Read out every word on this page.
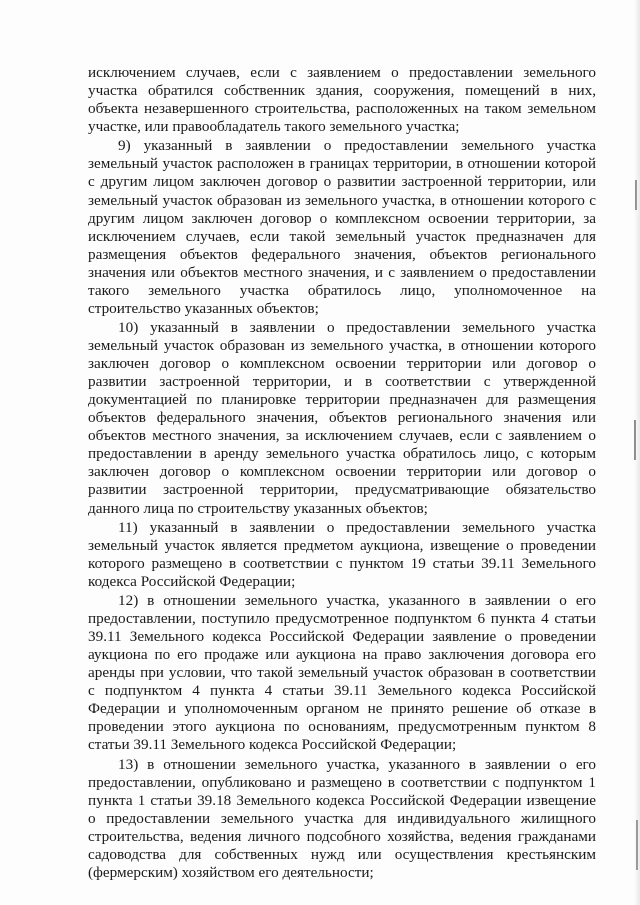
исключением случаев, если с заявлением о предоставлении земельного участка обратился собственник здания, сооружения, помещений в них, объекта незавершенного строительства, расположенных на таком земельном участке, или правообладатель такого земельного участка;

9) указанный в заявлении о предоставлении земельного участка земельный участок расположен в границах территории, в отношении которой с другим лицом заключен договор о развитии застроенной территории, или земельный участок образован из земельного участка, в отношении которого с другим лицом заключен договор о комплексном освоении территории, за исключением случаев, если такой земельный участок предназначен для размещения объектов федерального значения, объектов регионального значения или объектов местного значения, и с заявлением о предоставлении такого земельного участка обратилось лицо, уполномоченное на строительство указанных объектов;

10) указанный в заявлении о предоставлении земельного участка земельный участок образован из земельного участка, в отношении которого заключен договор о комплексном освоении территории или договор о развитии застроенной территории, и в соответствии с утвержденной документацией по планировке территории предназначен для размещения объектов федерального значения, объектов регионального значения или объектов местного значения, за исключением случаев, если с заявлением о предоставлении в аренду земельного участка обратилось лицо, с которым заключен договор о комплексном освоении территории или договор о развитии застроенной территории, предусматривающие обязательство данного лица по строительству указанных объектов;

11) указанный в заявлении о предоставлении земельного участка земельный участок является предметом аукциона, извещение о проведении которого размещено в соответствии с пунктом 19 статьи 39.11 Земельного кодекса Российской Федерации;

12) в отношении земельного участка, указанного в заявлении о его предоставлении, поступило предусмотренное подпунктом 6 пункта 4 статьи 39.11 Земельного кодекса Российской Федерации заявление о проведении аукциона по его продаже или аукциона на право заключения договора его аренды при условии, что такой земельный участок образован в соответствии с подпунктом 4 пункта 4 статьи 39.11 Земельного кодекса Российской Федерации и уполномоченным органом не принято решение об отказе в проведении этого аукциона по основаниям, предусмотренным пунктом 8 статьи 39.11 Земельного кодекса Российской Федерации;

13) в отношении земельного участка, указанного в заявлении о его предоставлении, опубликовано и размещено в соответствии с подпунктом 1 пункта 1 статьи 39.18 Земельного кодекса Российской Федерации извещение о предоставлении земельного участка для индивидуального жилищного строительства, ведения личного подсобного хозяйства, ведения гражданами садоводства для собственных нужд или осуществления крестьянским (фермерским) хозяйством его деятельности;
